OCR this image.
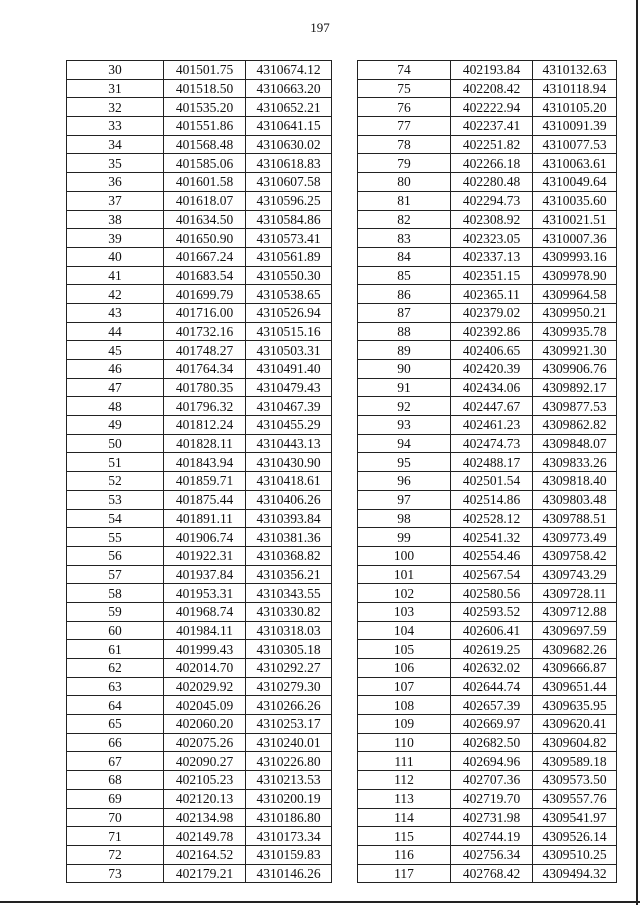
197
30	401501.75	4310674.12
31	401518.50	4310663.20
32	401535.20	4310652.21
33	401551.86	4310641.15
34	401568.48	4310630.02
35	401585.06	4310618.83
36	401601.58	4310607.58
37	401618.07	4310596.25
38	401634.50	4310584.86
39	401650.90	4310573.41
40	401667.24	4310561.89
41	401683.54	4310550.30
42	401699.79	4310538.65
43	401716.00	4310526.94
44	401732.16	4310515.16
45	401748.27	4310503.31
46	401764.34	4310491.40
47	401780.35	4310479.43
48	401796.32	4310467.39
49	401812.24	4310455.29
50	401828.11	4310443.13
51	401843.94	4310430.90
52	401859.71	4310418.61
53	401875.44	4310406.26
54	401891.11	4310393.84
55	401906.74	4310381.36
56	401922.31	4310368.82
57	401937.84	4310356.21
58	401953.31	4310343.55
59	401968.74	4310330.82
60	401984.11	4310318.03
61	401999.43	4310305.18
62	402014.70	4310292.27
63	402029.92	4310279.30
64	402045.09	4310266.26
65	402060.20	4310253.17
66	402075.26	4310240.01
67	402090.27	4310226.80
68	402105.23	4310213.53
69	402120.13	4310200.19
70	402134.98	4310186.80
71	402149.78	4310173.34
72	402164.52	4310159.83
73	402179.21	4310146.26
74	402193.84	4310132.63
75	402208.42	4310118.94
76	402222.94	4310105.20
77	402237.41	4310091.39
78	402251.82	4310077.53
79	402266.18	4310063.61
80	402280.48	4310049.64
81	402294.73	4310035.60
82	402308.92	4310021.51
83	402323.05	4310007.36
84	402337.13	4309993.16
85	402351.15	4309978.90
86	402365.11	4309964.58
87	402379.02	4309950.21
88	402392.86	4309935.78
89	402406.65	4309921.30
90	402420.39	4309906.76
91	402434.06	4309892.17
92	402447.67	4309877.53
93	402461.23	4309862.82
94	402474.73	4309848.07
95	402488.17	4309833.26
96	402501.54	4309818.40
97	402514.86	4309803.48
98	402528.12	4309788.51
99	402541.32	4309773.49
100	402554.46	4309758.42
101	402567.54	4309743.29
102	402580.56	4309728.11
103	402593.52	4309712.88
104	402606.41	4309697.59
105	402619.25	4309682.26
106	402632.02	4309666.87
107	402644.74	4309651.44
108	402657.39	4309635.95
109	402669.97	4309620.41
110	402682.50	4309604.82
111	402694.96	4309589.18
112	402707.36	4309573.50
113	402719.70	4309557.76
114	402731.98	4309541.97
115	402744.19	4309526.14
116	402756.34	4309510.25
117	402768.42	4309494.32
